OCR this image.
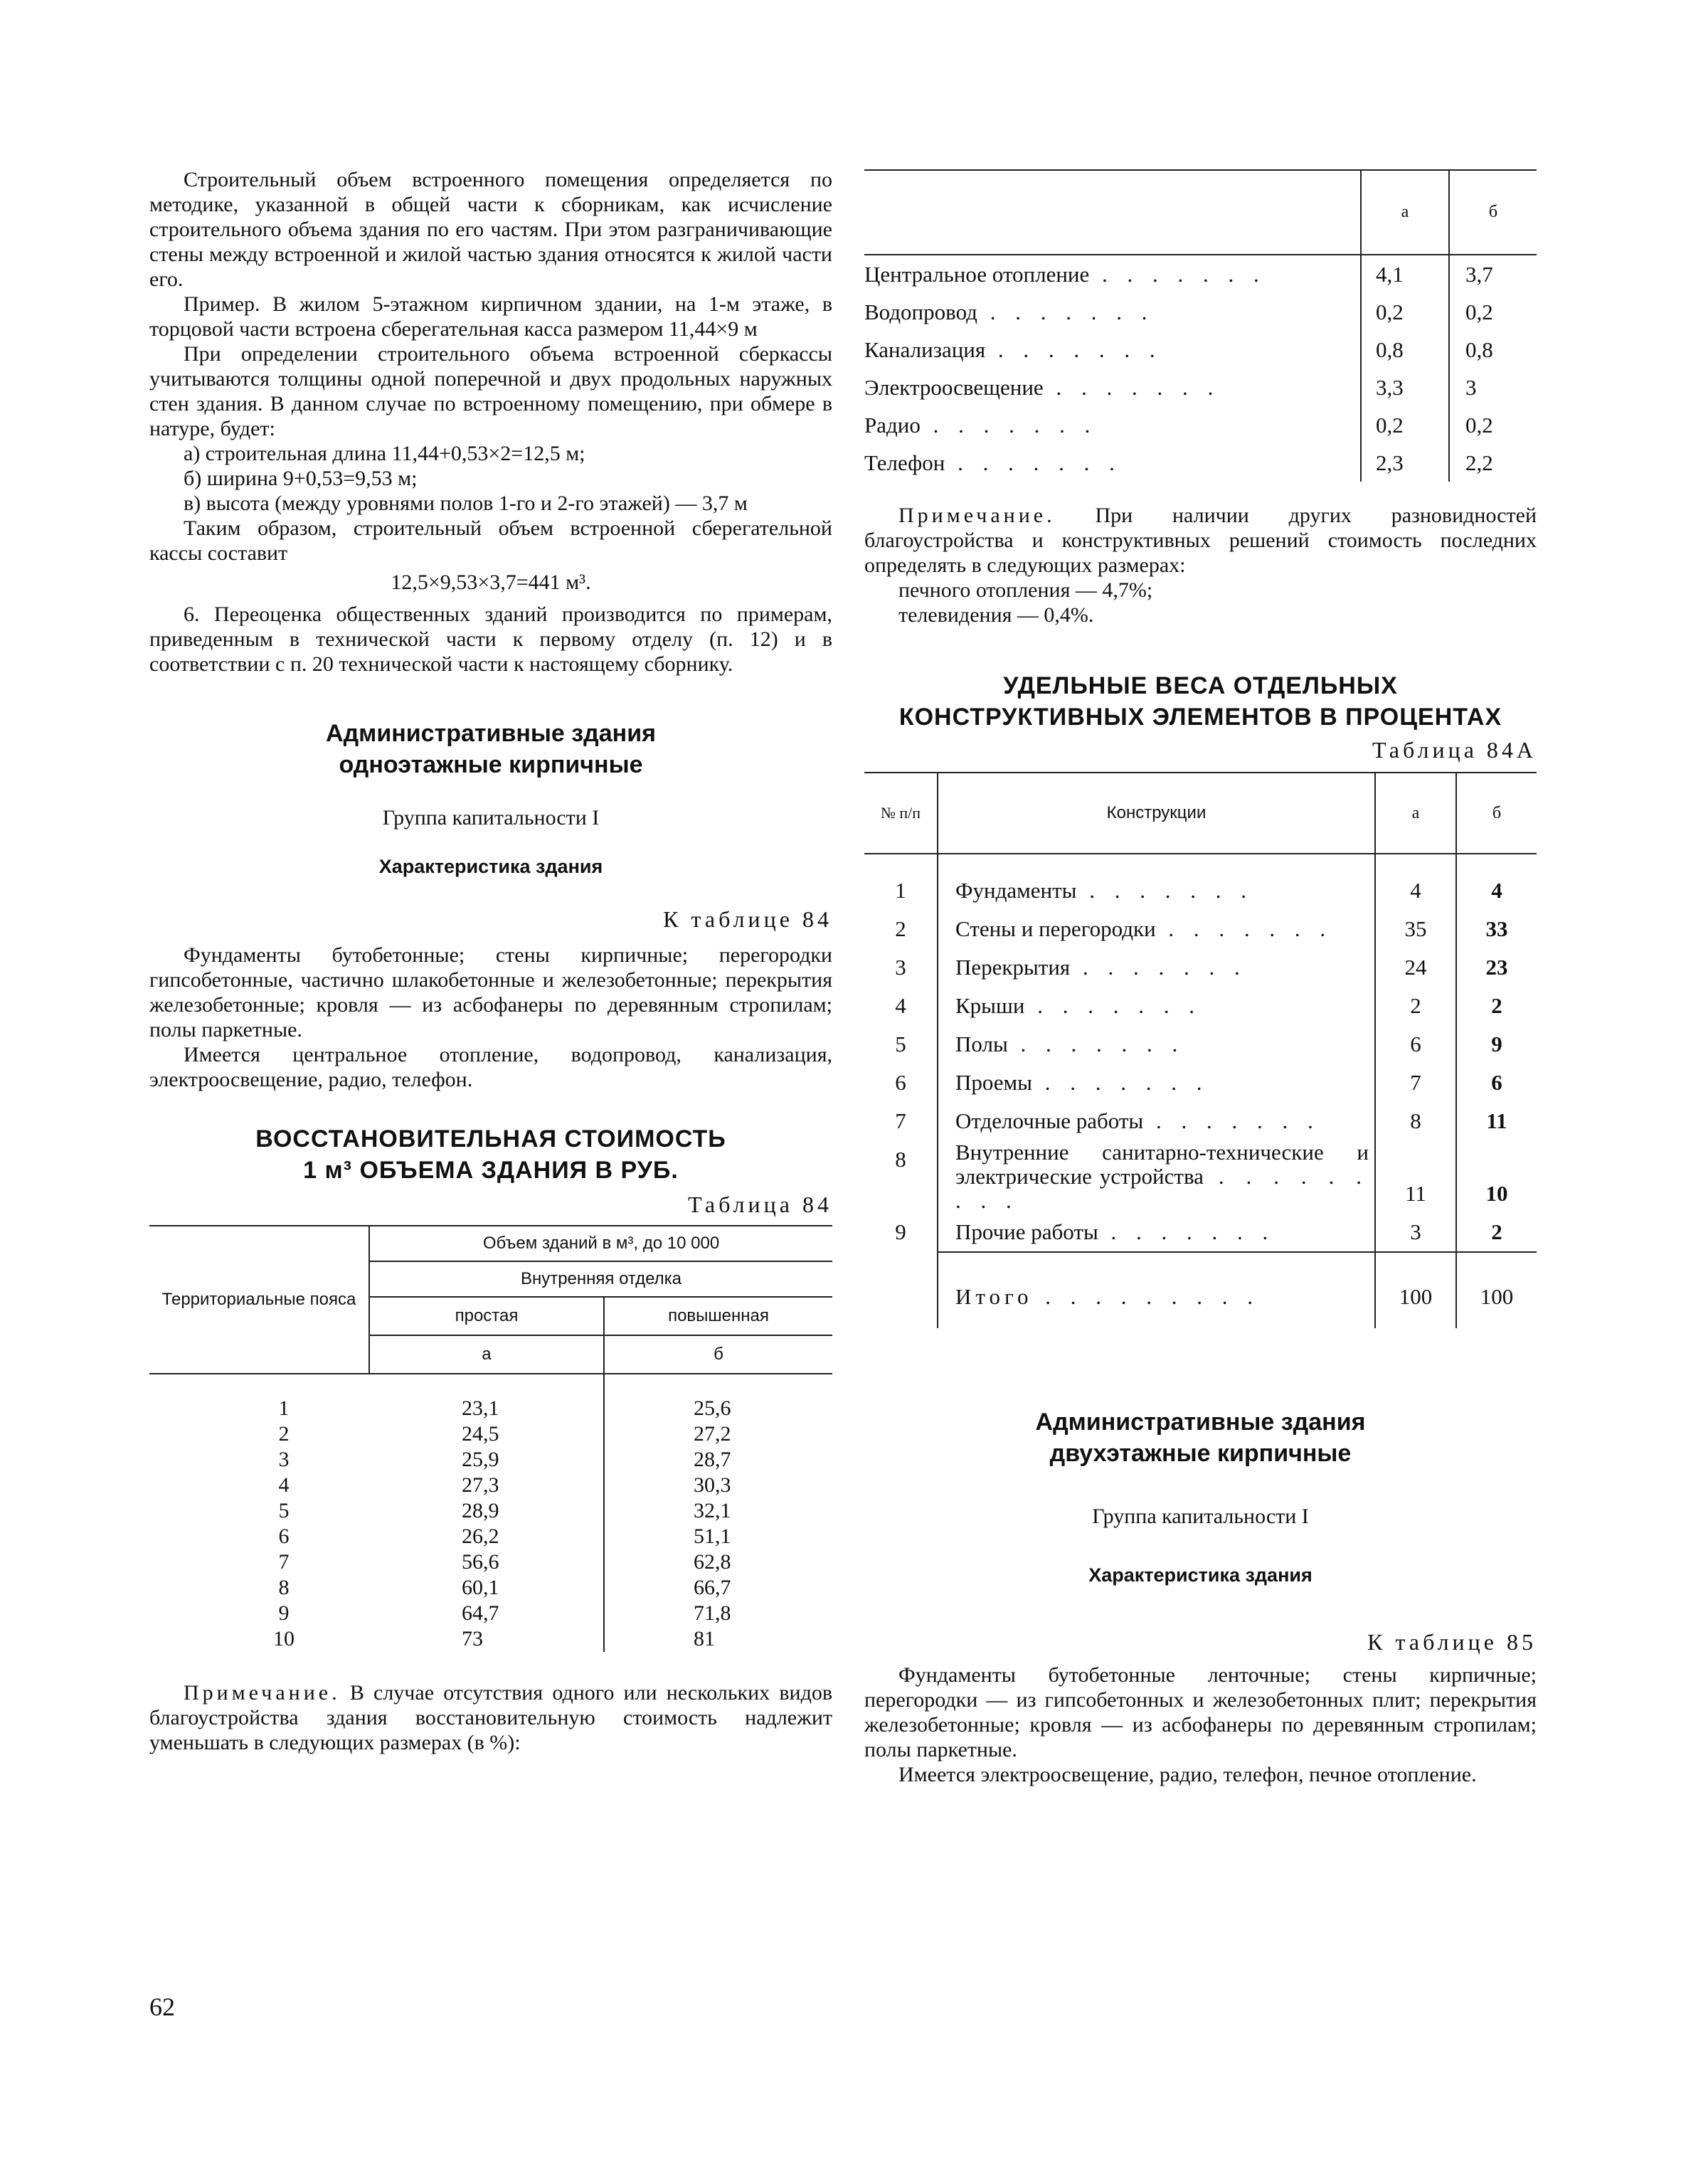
Строительный объем встроенного помещения определяется по методике, указанной в общей части к сборникам, как исчисление строительного объема здания по его частям. При этом разграничивающие стены между встроенной и жилой частью здания относятся к жилой части его.

Пример. В жилом 5-этажном кирпичном здании, на 1-м этаже, в торцовой части встроена сберегательная касса размером 11,44×9 м

При определении строительного объема встроенной сберкассы учитываются толщины одной поперечной и двух продольных наружных стен здания. В данном случае по встроенному помещению, при обмере в натуре, будет:

а) строительная длина 11,44+0,53×2=12,5 м;
б) ширина 9+0,53=9,53 м;

в) высота (между уровнями полов 1-го и 2-го этажей) — 3,7 м

Таким образом, строительный объем встроенной сберегательной кассы составит

12,5×9,53×3,7=441 м³.

6. Переоценка общественных зданий производится по примерам, приведенным в технической части к первому отделу (п. 12) и в соответствии с п. 20 технической части к настоящему сборнику.

Административные здания
одноэтажные кирпичные
Группа капитальности I
Характеристика здания
К таблице 84

Фундаменты бутобетонные; стены кирпичные; перегородки гипсобетонные, частично шлакобетонные и железобетонные; перекрытия железобетонные; кровля — из асбофанеры по деревянным стропилам; полы паркетные.

Имеется центральное отопление, водопровод, канализация, электроосвещение, радио, телефон.

ВОССТАНОВИТЕЛЬНАЯ СТОИМОСТЬ
1 м³ ОБЪЕМА ЗДАНИЯ В РУБ.
Таблица 84
Территориальные пояса	Объем зданий в м³, до 10 000	
	Внутренняя отделка	
	простая	повышенная
	а	б

1	23,1	25,6
2	24,5	27,2
3	25,9	28,7
4	27,3	30,3
5	28,9	32,1
6	26,2	51,1
7	56,6	62,8
8	60,1	66,7
9	64,7	71,8
10	73	81

Примечание. В случае отсутствия одного или нескольких видов благоустройства здания восстановительную стоимость надлежит уменьшать в следующих размерах (в %):

62
	а	б
Центральное отопление . . . . . . .	4,1	3,7
Водопровод . . . . . . .	0,2	0,2
Канализация . . . . . . .	0,8	0,8
Электроосвещение . . . . . . .	3,3	3
Радио . . . . . . .	0,2	0,2
Телефон . . . . . . .	2,3	2,2

Примечание. При наличии других разновидностей благоустройства и конструктивных решений стоимость последних определять в следующих размерах:

печного отопления — 4,7%;
телевидения — 0,4%.
УДЕЛЬНЫЕ ВЕСА ОТДЕЛЬНЫХ
КОНСТРУКТИВНЫХ ЭЛЕМЕНТОВ В ПРОЦЕНТАХ
Таблица 84А
№ п/п	Конструкции	а	б

1	Фундаменты . . . . . . .	4	4
2	Стены и перегородки . . . . . . .	35	33
3	Перекрытия . . . . . . .	24	23
4	Крыши . . . . . . .	2	2
5	Полы . . . . . . .	6	9
6	Проемы . . . . . . .	7	6
7	Отделочные работы . . . . . . .	8	11
8	Внутренние санитарно-технические и электрические устройства . . . . . . . . .	11	10
9	Прочие работы . . . . . . .	3	2
	Итого . . . . . . . . .	100	100
Административные здания
двухэтажные кирпичные
Группа капитальности I
Характеристика здания
К таблице 85

Фундаменты бутобетонные ленточные; стены кирпичные; перегородки — из гипсобетонных и железобетонных плит; перекрытия железобетонные; кровля — из асбофанеры по деревянным стропилам; полы паркетные.

Имеется электроосвещение, радио, телефон, печное отопление.
